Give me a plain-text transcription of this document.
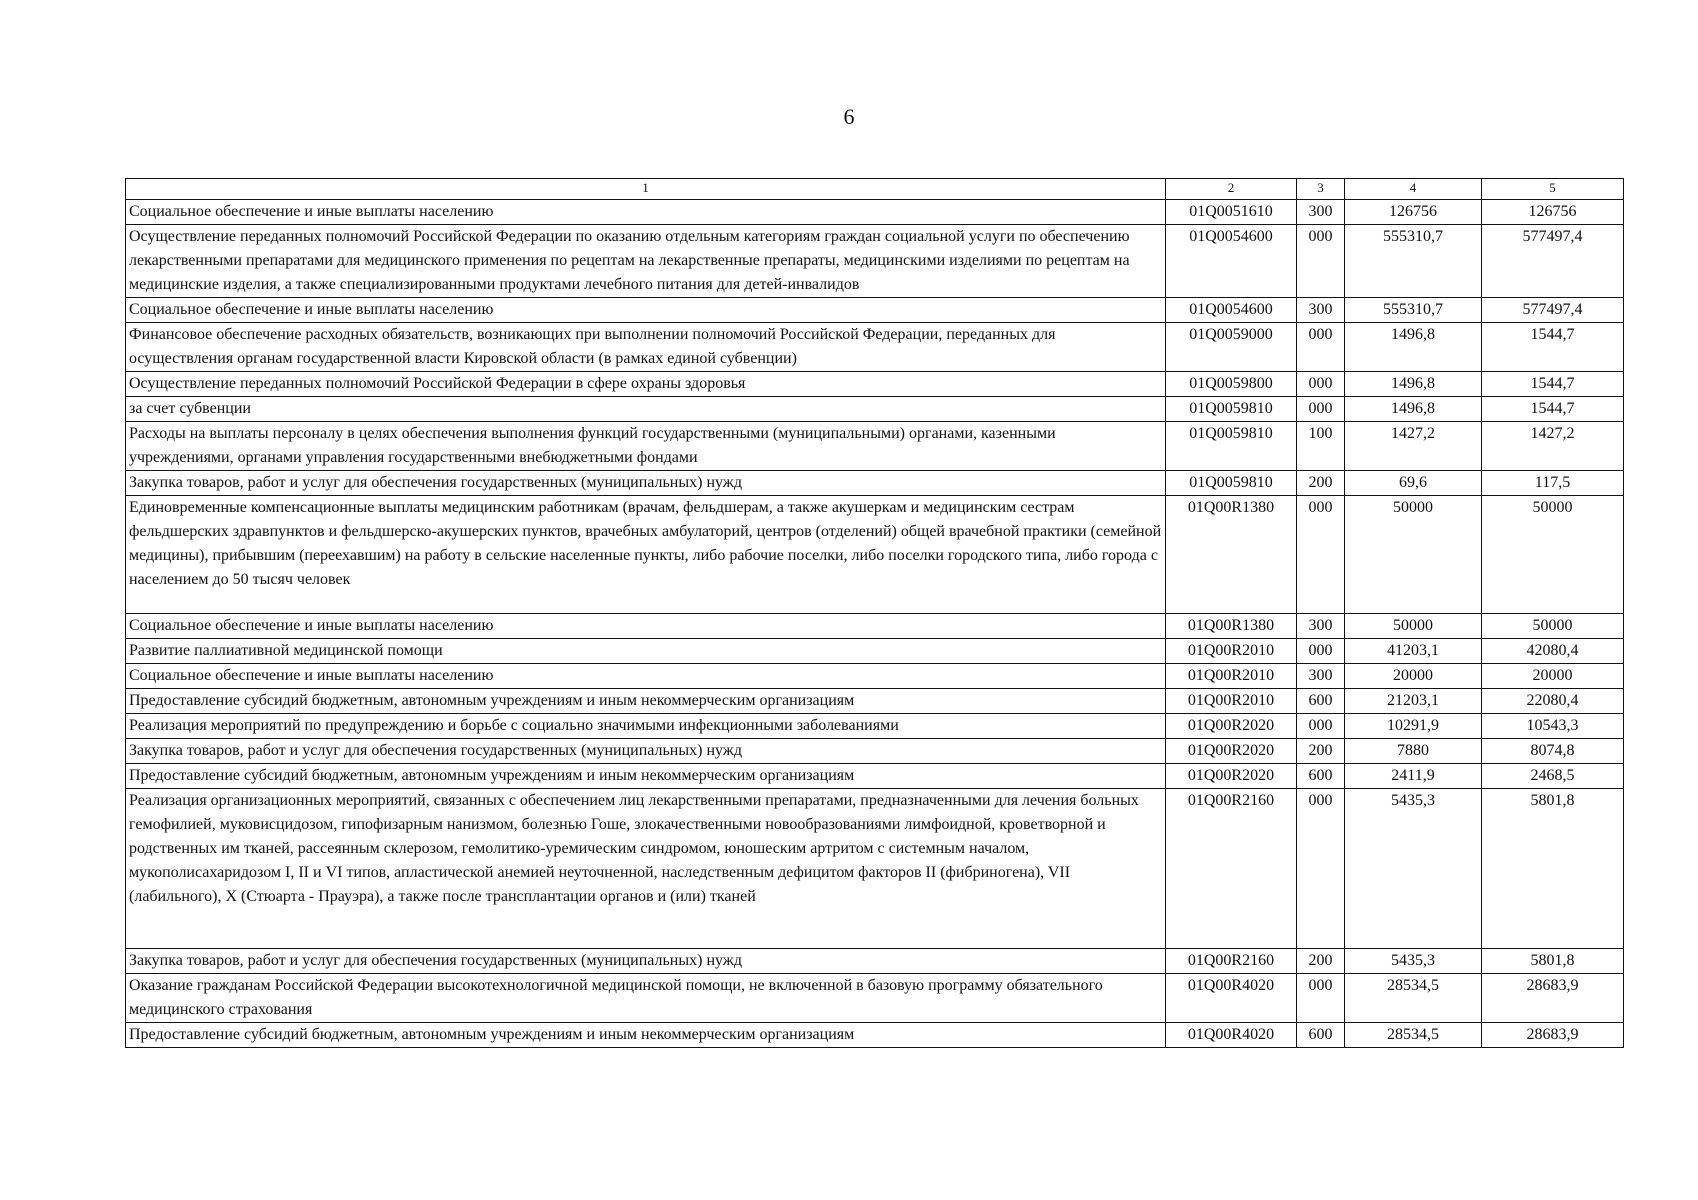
6
1	2	3	4	5
Социальное обеспечение и иные выплаты населению	01Q0051610	300	126756	126756
Осуществление переданных полномочий Российской Федерации по оказанию отдельным категориям граждан социальной услуги по обеспечению лекарственными препаратами для медицинского применения по рецептам на лекарственные препараты, медицинскими изделиями по рецептам на медицинские изделия, а также специализированными продуктами лечебного питания для детей-инвалидов	01Q0054600	000	555310,7	577497,4
Социальное обеспечение и иные выплаты населению	01Q0054600	300	555310,7	577497,4
Финансовое обеспечение расходных обязательств, возникающих при выполнении полномочий Российской Федерации, переданных для осуществления органам государственной власти Кировской области (в рамках единой субвенции)	01Q0059000	000	1496,8	1544,7
Осуществление переданных полномочий Российской Федерации в сфере охраны здоровья	01Q0059800	000	1496,8	1544,7
за счет субвенции	01Q0059810	000	1496,8	1544,7
Расходы на выплаты персоналу в целях обеспечения выполнения функций государственными (муниципальными) органами, казенными учреждениями, органами управления государственными внебюджетными фондами	01Q0059810	100	1427,2	1427,2
Закупка товаров, работ и услуг для обеспечения государственных (муниципальных) нужд	01Q0059810	200	69,6	117,5
Единовременные компенсационные выплаты медицинским работникам (врачам, фельдшерам, а также акушеркам и медицинским сестрам фельдшерских здравпунктов и фельдшерско-акушерских пунктов, врачебных амбулаторий, центров (отделений) общей врачебной практики (семейной медицины), прибывшим (переехавшим) на работу в сельские населенные пункты, либо рабочие поселки, либо поселки городского типа, либо города с населением до 50 тысяч человек	01Q00R1380	000	50000	50000
Социальное обеспечение и иные выплаты населению	01Q00R1380	300	50000	50000
Развитие паллиативной медицинской помощи	01Q00R2010	000	41203,1	42080,4
Социальное обеспечение и иные выплаты населению	01Q00R2010	300	20000	20000
Предоставление субсидий бюджетным, автономным учреждениям и иным некоммерческим организациям	01Q00R2010	600	21203,1	22080,4
Реализация мероприятий по предупреждению и борьбе с социально значимыми инфекционными заболеваниями	01Q00R2020	000	10291,9	10543,3
Закупка товаров, работ и услуг для обеспечения государственных (муниципальных) нужд	01Q00R2020	200	7880	8074,8
Предоставление субсидий бюджетным, автономным учреждениям и иным некоммерческим организациям	01Q00R2020	600	2411,9	2468,5
Реализация организационных мероприятий, связанных с обеспечением лиц лекарственными препаратами, предназначенными для лечения больных гемофилией, муковисцидозом, гипофизарным нанизмом, болезнью Гоше, злокачественными новообразованиями лимфоидной, кроветворной и родственных им тканей, рассеянным склерозом, гемолитико-уремическим синдромом, юношеским артритом с системным началом, мукополисахаридозом I, II и VI типов, апластической анемией неуточненной, наследственным дефицитом факторов II (фибриногена), VII (лабильного), X (Стюарта - Прауэра), а также после трансплантации органов и (или) тканей	01Q00R2160	000	5435,3	5801,8
Закупка товаров, работ и услуг для обеспечения государственных (муниципальных) нужд	01Q00R2160	200	5435,3	5801,8
Оказание гражданам Российской Федерации высокотехнологичной медицинской помощи, не включенной в базовую программу обязательного медицинского страхования	01Q00R4020	000	28534,5	28683,9
Предоставление субсидий бюджетным, автономным учреждениям и иным некоммерческим организациям	01Q00R4020	600	28534,5	28683,9
